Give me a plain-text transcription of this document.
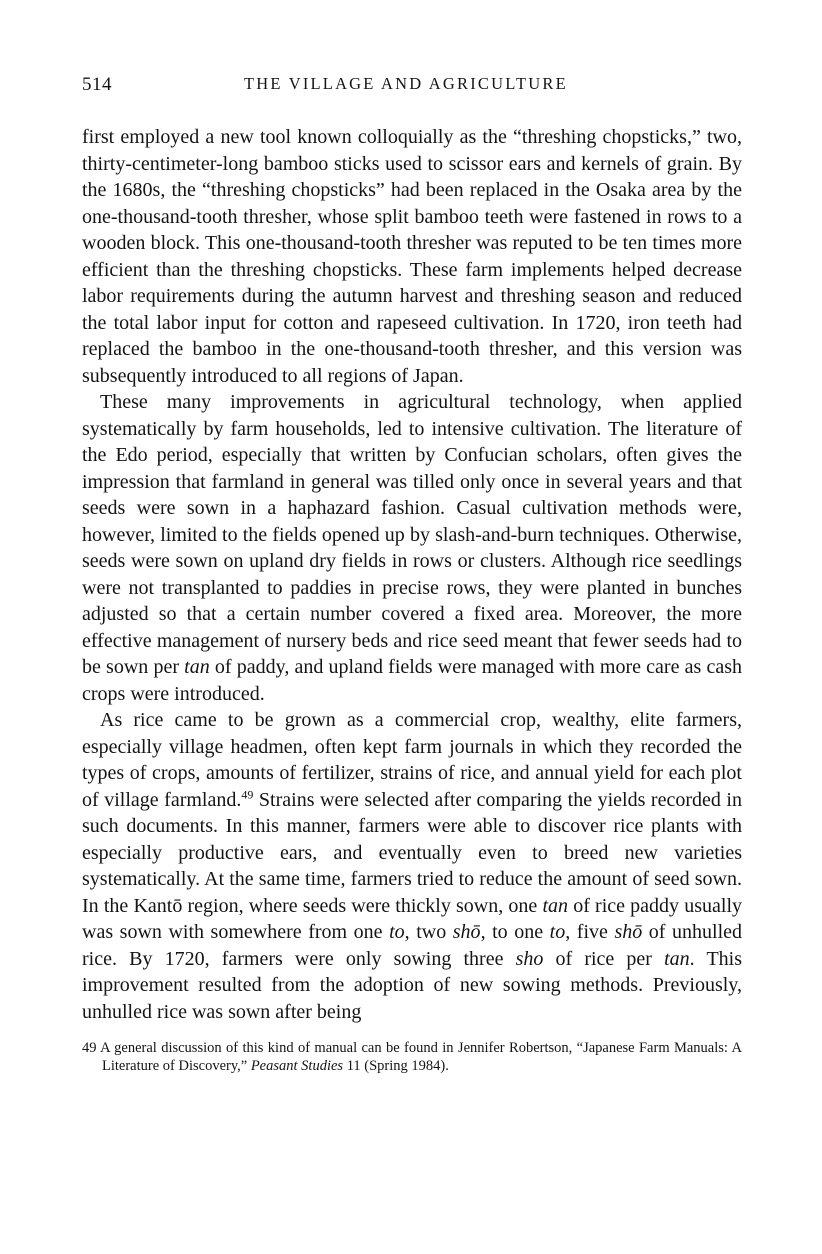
514	THE VILLAGE AND AGRICULTURE

first employed a new tool known colloquially as the “threshing chopsticks,” two, thirty-centimeter-long bamboo sticks used to scissor ears and kernels of grain. By the 1680s, the “threshing chopsticks” had been replaced in the Osaka area by the one-thousand-tooth thresher, whose split bamboo teeth were fastened in rows to a wooden block. This one-thousand-tooth thresher was reputed to be ten times more efficient than the threshing chopsticks. These farm implements helped decrease labor requirements during the autumn harvest and threshing season and reduced the total labor input for cotton and rapeseed cultivation. In 1720, iron teeth had replaced the bamboo in the one-thousand-tooth thresher, and this version was subsequently introduced to all regions of Japan.

These many improvements in agricultural technology, when applied systematically by farm households, led to intensive cultivation. The literature of the Edo period, especially that written by Confucian scholars, often gives the impression that farmland in general was tilled only once in several years and that seeds were sown in a haphazard fashion. Casual cultivation methods were, however, limited to the fields opened up by slash-and-burn techniques. Otherwise, seeds were sown on upland dry fields in rows or clusters. Although rice seedlings were not transplanted to paddies in precise rows, they were planted in bunches adjusted so that a certain number covered a fixed area. Moreover, the more effective management of nursery beds and rice seed meant that fewer seeds had to be sown per tan of paddy, and upland fields were managed with more care as cash crops were introduced.

As rice came to be grown as a commercial crop, wealthy, elite farmers, especially village headmen, often kept farm journals in which they recorded the types of crops, amounts of fertilizer, strains of rice, and annual yield for each plot of village farmland.$^{49}$ Strains were selected after comparing the yields recorded in such documents. In this manner, farmers were able to discover rice plants with especially productive ears, and eventually even to breed new varieties systematically. At the same time, farmers tried to reduce the amount of seed sown. In the Kantō region, where seeds were thickly sown, one tan of rice paddy usually was sown with somewhere from one to, two shō, to one to, five shō of unhulled rice. By 1720, farmers were only sowing three sho of rice per tan. This improvement resulted from the adoption of new sowing methods. Previously, unhulled rice was sown after being

49 A general discussion of this kind of manual can be found in Jennifer Robertson, “Japanese Farm Manuals: A Literature of Discovery,” Peasant Studies 11 (Spring 1984).
